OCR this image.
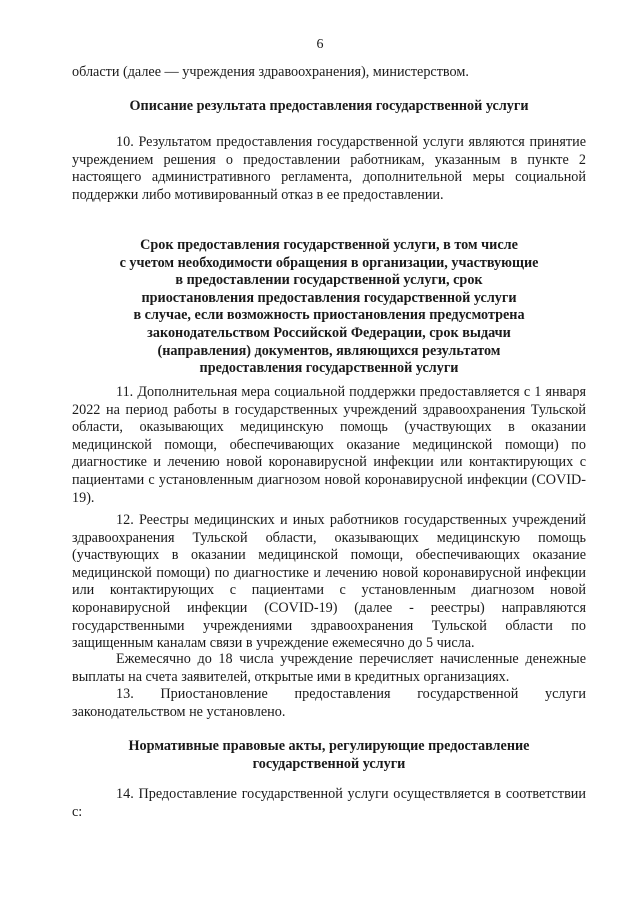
6

области (далее — учреждения здравоохранения), министерством.

Описание результата предоставления государственной услуги

10. Результатом предоставления государственной услуги являются принятие учреждением решения о предоставлении работникам, указанным в пункте 2 настоящего административного регламента, дополнительной меры социальной поддержки либо мотивированный отказ в ее предоставлении.

Срок предоставления государственной услуги, в том числе
с учетом необходимости обращения в организации, участвующие
в предоставлении государственной услуги, срок
приостановления предоставления государственной услуги
в случае, если возможность приостановления предусмотрена
законодательством Российской Федерации, срок выдачи
(направления) документов, являющихся результатом
предоставления государственной услуги

11. Дополнительная мера социальной поддержки предоставляется с 1 января 2022 на период работы в государственных учреждений здравоохранения Тульской области, оказывающих медицинскую помощь (участвующих в оказании медицинской помощи, обеспечивающих оказание медицинской помощи) по диагностике и лечению новой коронавирусной инфекции или контактирующих с пациентами с установленным диагнозом новой коронавирусной инфекции (COVID-19).

12. Реестры медицинских и иных работников государственных учреждений здравоохранения Тульской области, оказывающих медицинскую помощь (участвующих в оказании медицинской помощи, обеспечивающих оказание медицинской помощи) по диагностике и лечению новой коронавирусной инфекции или контактирующих с пациентами с установленным диагнозом новой коронавирусной инфекции (COVID-19) (далее - реестры) направляются государственными учреждениями здравоохранения Тульской области по защищенным каналам связи в учреждение ежемесячно до 5 числа.

Ежемесячно до 18 числа учреждение перечисляет начисленные денежные выплаты на счета заявителей, открытые ими в кредитных организациях.

13. Приостановление предоставления государственной услуги законодательством не установлено.

Нормативные правовые акты, регулирующие предоставление
государственной услуги

14. Предоставление государственной услуги осуществляется в соответствии с:
